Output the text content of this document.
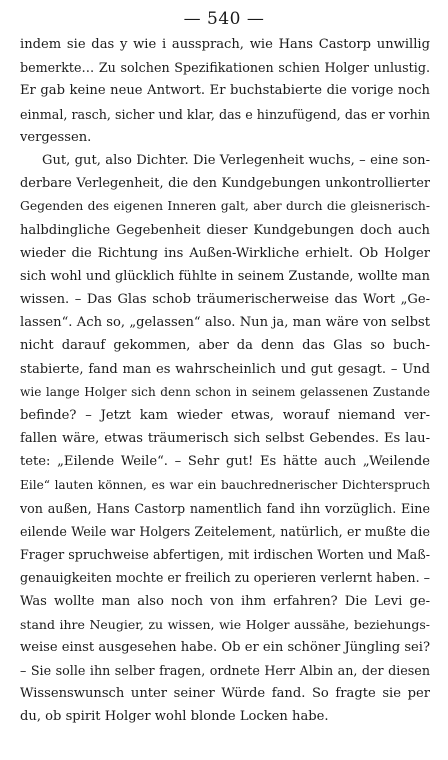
— 540 —
indem sie das y wie i aussprach, wie Hans Castorp unwillig
bemerkte… Zu solchen Spezifikationen schien Holger unlustig.
Er gab keine neue Antwort. Er buchstabierte die vorige noch
einmal, rasch, sicher und klar, das e hinzufügend, das er vorhin
vergessen.
Gut, gut, also Dichter. Die Verlegenheit wuchs, – eine son-
derbare Verlegenheit, die den Kundgebungen unkontrollierter
Gegenden des eigenen Inneren galt, aber durch die gleisnerisch-
halbdingliche Gegebenheit dieser Kundgebungen doch auch
wieder die Richtung ins Außen-Wirkliche erhielt. Ob Holger
sich wohl und glücklich fühlte in seinem Zustande, wollte man
wissen. – Das Glas schob träumerischerweise das Wort „Ge-
lassen“. Ach so, „gelassen“ also. Nun ja, man wäre von selbst
nicht darauf gekommen, aber da denn das Glas so buch-
stabierte, fand man es wahrscheinlich und gut gesagt. – Und
wie lange Holger sich denn schon in seinem gelassenen Zustande
befinde? – Jetzt kam wieder etwas, worauf niemand ver-
fallen wäre, etwas träumerisch sich selbst Gebendes. Es lau-
tete: „Eilende Weile“. – Sehr gut! Es hätte auch „Weilende
Eile“ lauten können, es war ein bauchrednerischer Dichterspruch
von außen, Hans Castorp namentlich fand ihn vorzüglich. Eine
eilende Weile war Holgers Zeitelement, natürlich, er mußte die
Frager spruchweise abfertigen, mit irdischen Worten und Maß-
genauigkeiten mochte er freilich zu operieren verlernt haben. –
Was wollte man also noch von ihm erfahren? Die Levi ge-
stand ihre Neugier, zu wissen, wie Holger aussähe, beziehungs-
weise einst ausgesehen habe. Ob er ein schöner Jüngling sei?
– Sie solle ihn selber fragen, ordnete Herr Albin an, der diesen
Wissenswunsch unter seiner Würde fand. So fragte sie per
du, ob spirit Holger wohl blonde Locken habe.
